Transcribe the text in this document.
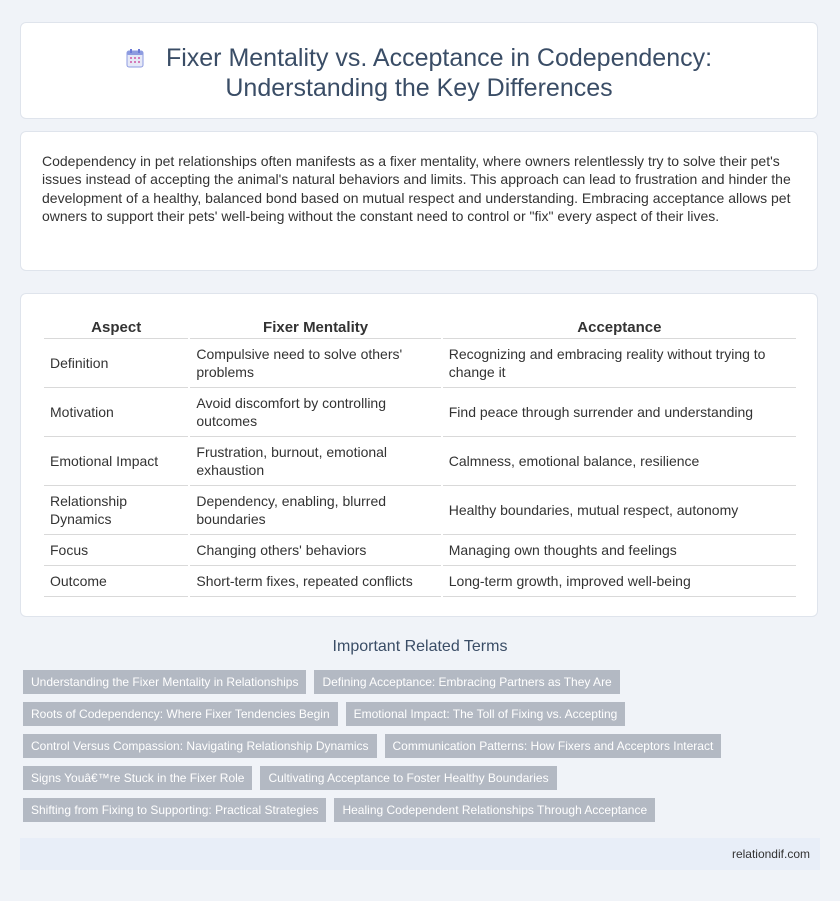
Fixer Mentality vs. Acceptance in Codependency: Understanding the Key Differences

Codependency in pet relationships often manifests as a fixer mentality, where owners relentlessly try to solve their pet's issues instead of accepting the animal's natural behaviors and limits. This approach can lead to frustration and hinder the development of a healthy, balanced bond based on mutual respect and understanding. Embracing acceptance allows pet owners to support their pets' well-being without the constant need to control or "fix" every aspect of their lives.

Aspect	Fixer Mentality	Acceptance
Definition	Compulsive need to solve others' problems	Recognizing and embracing reality without trying to change it
Motivation	Avoid discomfort by controlling outcomes	Find peace through surrender and understanding
Emotional Impact	Frustration, burnout, emotional exhaustion	Calmness, emotional balance, resilience
Relationship Dynamics	Dependency, enabling, blurred boundaries	Healthy boundaries, mutual respect, autonomy
Focus	Changing others' behaviors	Managing own thoughts and feelings
Outcome	Short-term fixes, repeated conflicts	Long-term growth, improved well-being
Important Related Terms
Understanding the Fixer Mentality in Relationships	Defining Acceptance: Embracing Partners as They Are
Roots of Codependency: Where Fixer Tendencies Begin	Emotional Impact: The Toll of Fixing vs. Accepting
Control Versus Compassion: Navigating Relationship Dynamics	Communication Patterns: How Fixers and Acceptors Interact
Signs Youâ€™re Stuck in the Fixer Role	Cultivating Acceptance to Foster Healthy Boundaries
Shifting from Fixing to Supporting: Practical Strategies	Healing Codependent Relationships Through Acceptance
relationdif.com
